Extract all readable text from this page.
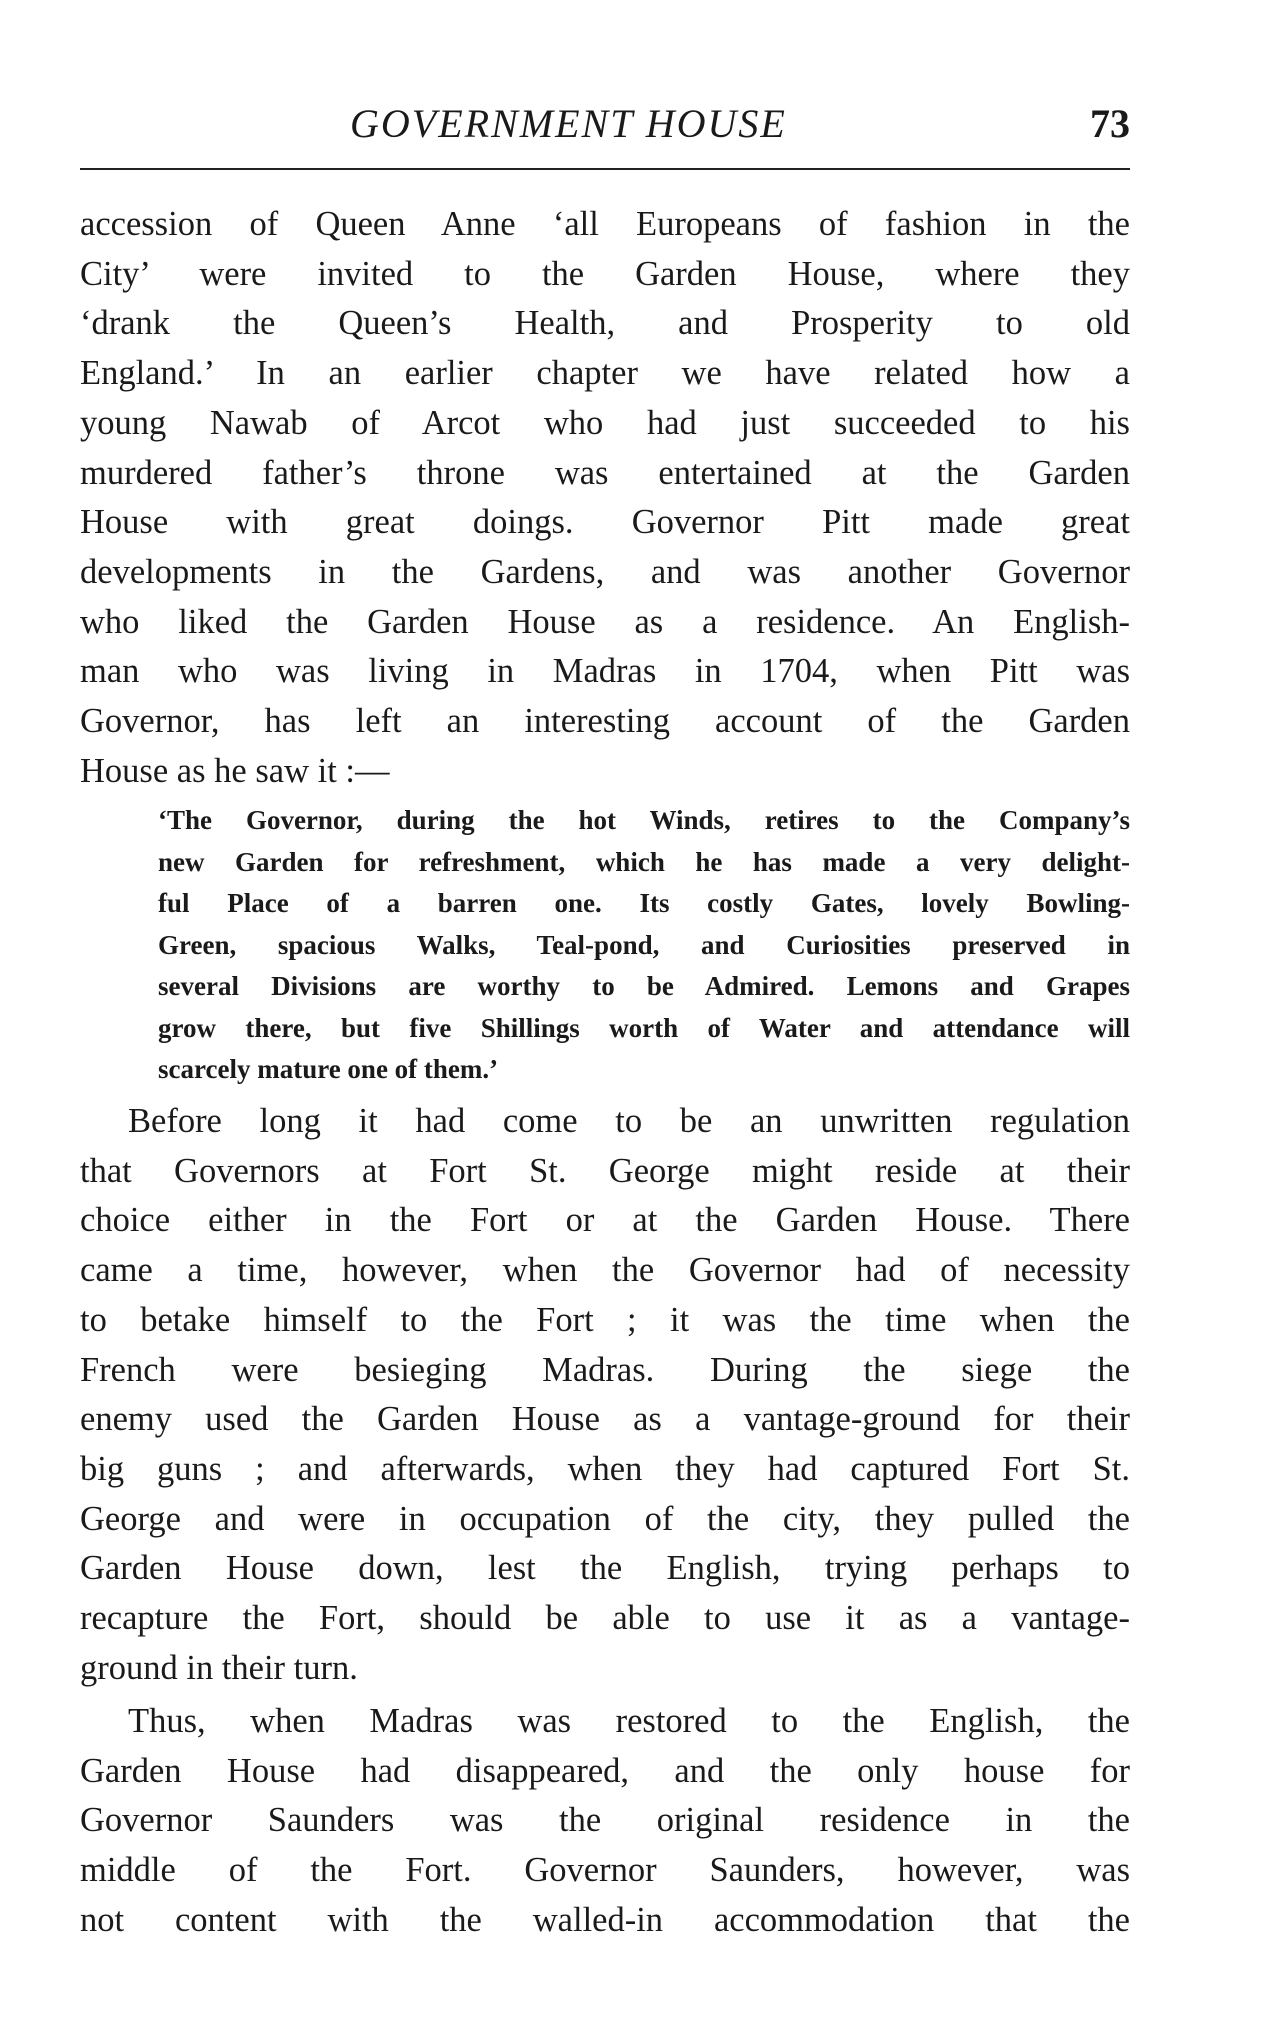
GOVERNMENT HOUSE	73
accession of Queen Anne ‘all Europeans of fashion in the
City’ were invited to the Garden House, where they
‘drank the Queen’s Health, and Prosperity to old
England.’ In an earlier chapter we have related how a
young Nawab of Arcot who had just succeeded to his
murdered father’s throne was entertained at the Garden
House with great doings. Governor Pitt made great
developments in the Gardens, and was another Governor
who liked the Garden House as a residence. An English-
man who was living in Madras in 1704, when Pitt was
Governor, has left an interesting account of the Garden
House as he saw it :—
‘The Governor, during the hot Winds, retires to the Company’s
new Garden for refreshment, which he has made a very delight-
ful Place of a barren one. Its costly Gates, lovely Bowling-
Green, spacious Walks, Teal-pond, and Curiosities preserved in
several Divisions are worthy to be Admired. Lemons and Grapes
grow there, but five Shillings worth of Water and attendance will
scarcely mature one of them.’
Before long it had come to be an unwritten regulation
that Governors at Fort St. George might reside at their
choice either in the Fort or at the Garden House. There
came a time, however, when the Governor had of necessity
to betake himself to the Fort ; it was the time when the
French were besieging Madras. During the siege the
enemy used the Garden House as a vantage-ground for their
big guns ; and afterwards, when they had captured Fort St.
George and were in occupation of the city, they pulled the
Garden House down, lest the English, trying perhaps to
recapture the Fort, should be able to use it as a vantage-
ground in their turn.
Thus, when Madras was restored to the English, the
Garden House had disappeared, and the only house for
Governor Saunders was the original residence in the
middle of the Fort. Governor Saunders, however, was
not content with the walled-in accommodation that the
